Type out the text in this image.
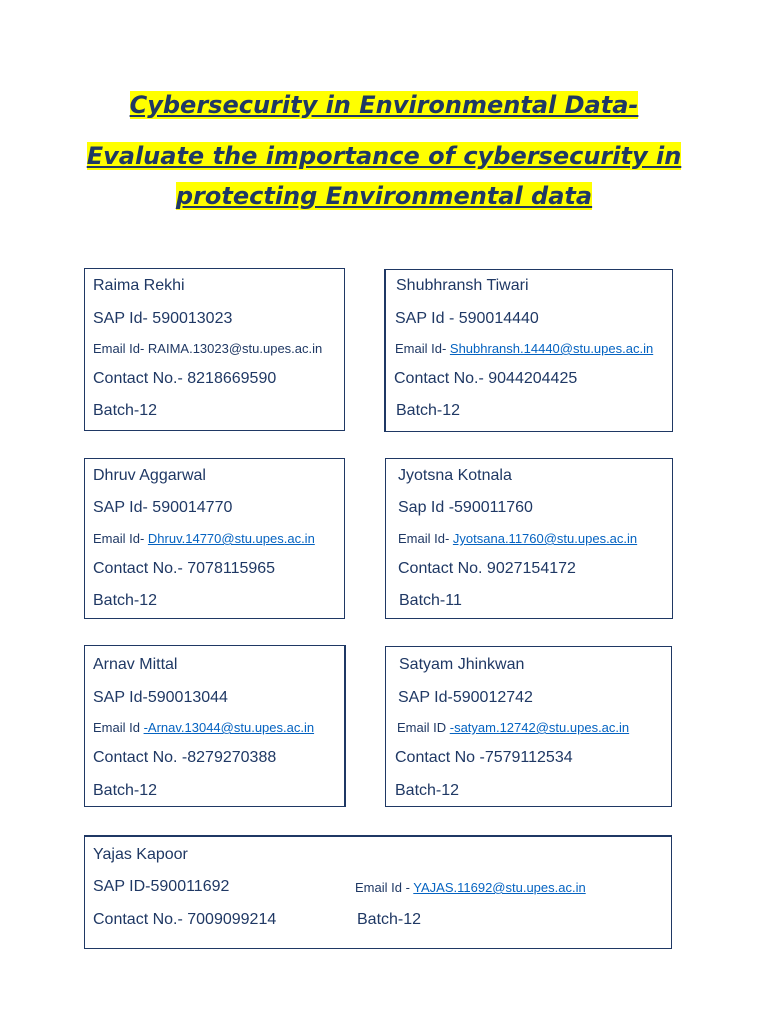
Cybersecurity in Environmental Data-
Evaluate the importance of cybersecurity in
protecting Environmental data
Raima Rekhi
SAP Id- 590013023
Email Id- RAIMA.13023@stu.upes.ac.in
Contact No.- 8218669590
Batch-12
Shubhransh Tiwari
SAP Id - 590014440
Email Id- Shubhransh.14440@stu.upes.ac.in
Contact No.- 9044204425
Batch-12
Dhruv Aggarwal
SAP Id- 590014770
Email Id- Dhruv.14770@stu.upes.ac.in
Contact No.- 7078115965
Batch-12
Jyotsna Kotnala
Sap Id -590011760
Email Id- Jyotsana.11760@stu.upes.ac.in
Contact No. 9027154172
Batch-11
Arnav Mittal
SAP Id-590013044
Email Id -Arnav.13044@stu.upes.ac.in
Contact No. -8279270388
Batch-12
Satyam Jhinkwan
SAP Id-590012742
Email ID -satyam.12742@stu.upes.ac.in
Contact No -7579112534
Batch-12
Yajas Kapoor
SAP ID-590011692	Email Id - YAJAS.11692@stu.upes.ac.in
Contact No.- 7009099214	Batch-12
